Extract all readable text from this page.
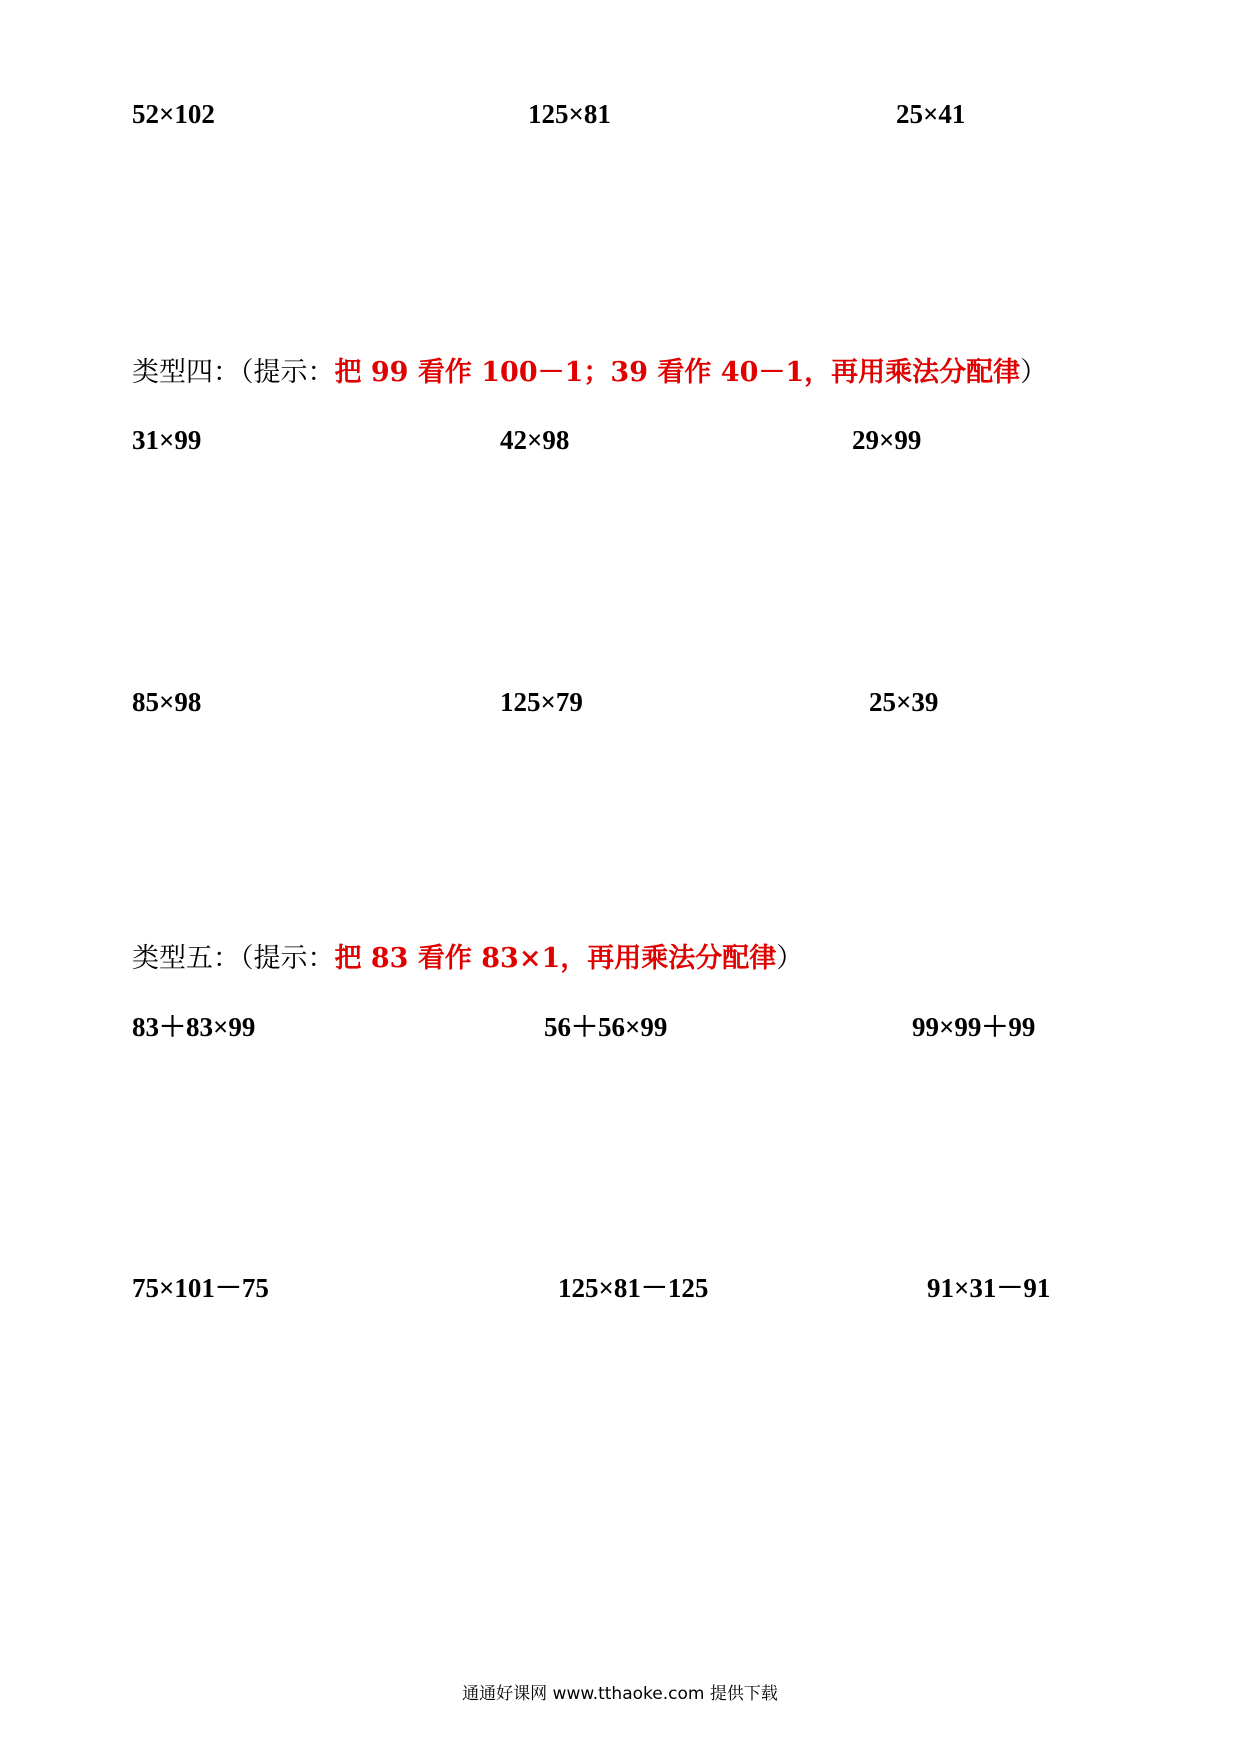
52×102	125×81	25×41
类型四：（提示：把 99 看作 100－1；39 看作 40－1，再用乘法分配律）
31×99	42×98	29×99
85×98	125×79	25×39
类型五：（提示：把 83 看作 83×1，再用乘法分配律）
83＋83×99	56＋56×99	99×99＋99
75×101－75	125×81－125	91×31－91
通通好课网 www.tthaoke.com 提供下载
